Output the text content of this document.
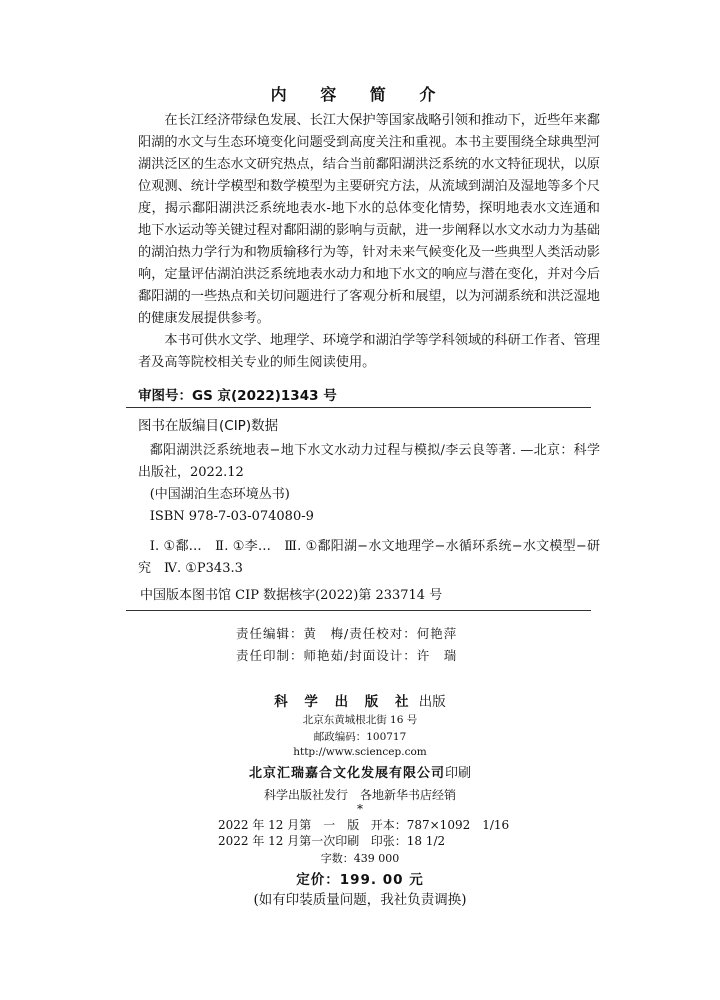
内 容 简 介

在长江经济带绿色发展、长江大保护等国家战略引领和推动下，近些年来鄱阳湖的水文与生态环境变化问题受到高度关注和重视。本书主要围绕全球典型河湖洪泛区的生态水文研究热点，结合当前鄱阳湖洪泛系统的水文特征现状，以原位观测、统计学模型和数学模型为主要研究方法，从流域到湖泊及湿地等多个尺度，揭示鄱阳湖洪泛系统地表水-地下水的总体变化情势，探明地表水文连通和地下水运动等关键过程对鄱阳湖的影响与贡献，进一步阐释以水文水动力为基础的湖泊热力学行为和物质输移行为等，针对未来气候变化及一些典型人类活动影响，定量评估湖泊洪泛系统地表水动力和地下水文的响应与潜在变化，并对今后鄱阳湖的一些热点和关切问题进行了客观分析和展望，以为河湖系统和洪泛湿地的健康发展提供参考。

本书可供水文学、地理学、环境学和湖泊学等学科领域的科研工作者、管理者及高等院校相关专业的师生阅读使用。

审图号：GS 京(2022)1343 号
图书在版编目(CIP)数据
鄱阳湖洪泛系统地表−地下水文水动力过程与模拟/李云良等著. —北京：科学出版社，2022.12
(中国湖泊生态环境丛书)
ISBN 978-7-03-074080-9
Ⅰ. ①鄱…　Ⅱ. ①李…　Ⅲ. ①鄱阳湖−水文地理学−水循环系统−水文模型−研究　Ⅳ. ①P343.3
中国版本图书馆 CIP 数据核字(2022)第 233714 号
责任编辑：黄　梅/责任校对：何艳萍
责任印制：师艳茹/封面设计：许　瑞
科 学 出 版 社 出版
北京东黄城根北街 16 号
邮政编码：100717
http://www.sciencep.com
北京汇瑞嘉合文化发展有限公司印刷
科学出版社发行　各地新华书店经销
*
2022 年 12 月第　一　版 开本：787×1092　1/16
2022 年 12 月第一次印刷 印张：18 1/2
字数：439 000
定价：199. 00 元
(如有印装质量问题，我社负责调换)
